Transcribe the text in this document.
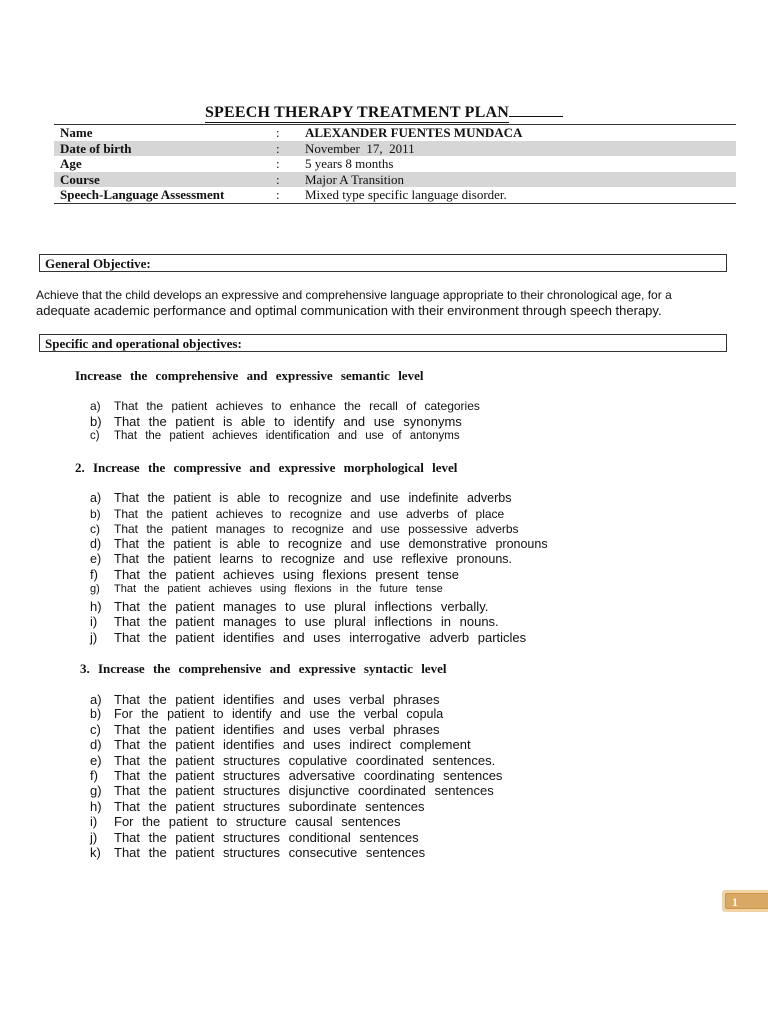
SPEECH THERAPY TREATMENT PLAN
Name	: ALEXANDER FUENTES MUNDACA
Date of birth	: November  17,  2011
Age	: 5 years 8 months
Course	: Major A Transition
Speech-Language Assessment	: Mixed type specific language disorder.
General Objective:
Achieve that the child develops an expressive and comprehensive language appropriate to their chronological age, for a
adequate academic performance and optimal communication with their environment through speech therapy.
Specific and operational objectives:
Increase the comprehensive and expressive semantic level
a) That the patient achieves to enhance the recall of categories
b) That the patient is able to identify and use synonyms
c) That the patient achieves identification and use of antonyms
2. Increase the compressive and expressive morphological level
a) That the patient is able to recognize and use indefinite adverbs
b) That the patient achieves to recognize and use adverbs of place
c) That the patient manages to recognize and use possessive adverbs
d) That the patient is able to recognize and use demonstrative pronouns
e) That the patient learns to recognize and use reflexive pronouns.
f) That the patient achieves using flexions present tense
g) That the patient achieves using flexions in the future tense
h) That the patient manages to use plural inflections verbally.
i) That the patient manages to use plural inflections in nouns.
j) That the patient identifies and uses interrogative adverb particles
3. Increase the comprehensive and expressive syntactic level
a) That the patient identifies and uses verbal phrases
b) For the patient to identify and use the verbal copula
c) That the patient identifies and uses verbal phrases
d) That the patient identifies and uses indirect complement
e) That the patient structures copulative coordinated sentences.
f) That the patient structures adversative coordinating sentences
g) That the patient structures disjunctive coordinated sentences
h) That the patient structures subordinate sentences
i) For the patient to structure causal sentences
j) That the patient structures conditional sentences
k) That the patient structures consecutive sentences
1
